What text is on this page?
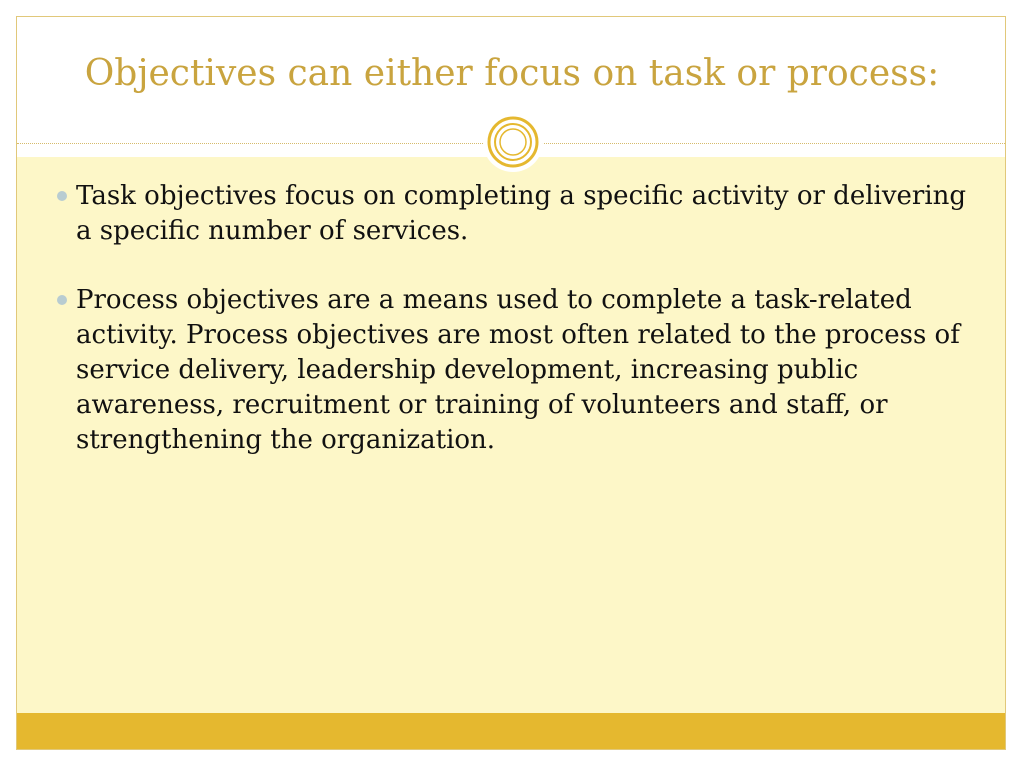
Objectives can either focus on task or process:
Task objectives focus on completing a specific activity or delivering a specific number of services.
Process objectives are a means used to complete a task-related activity. Process objectives are most often related to the process of service delivery, leadership development, increasing public awareness, recruitment or training of volunteers and staff, or strengthening the organization.
